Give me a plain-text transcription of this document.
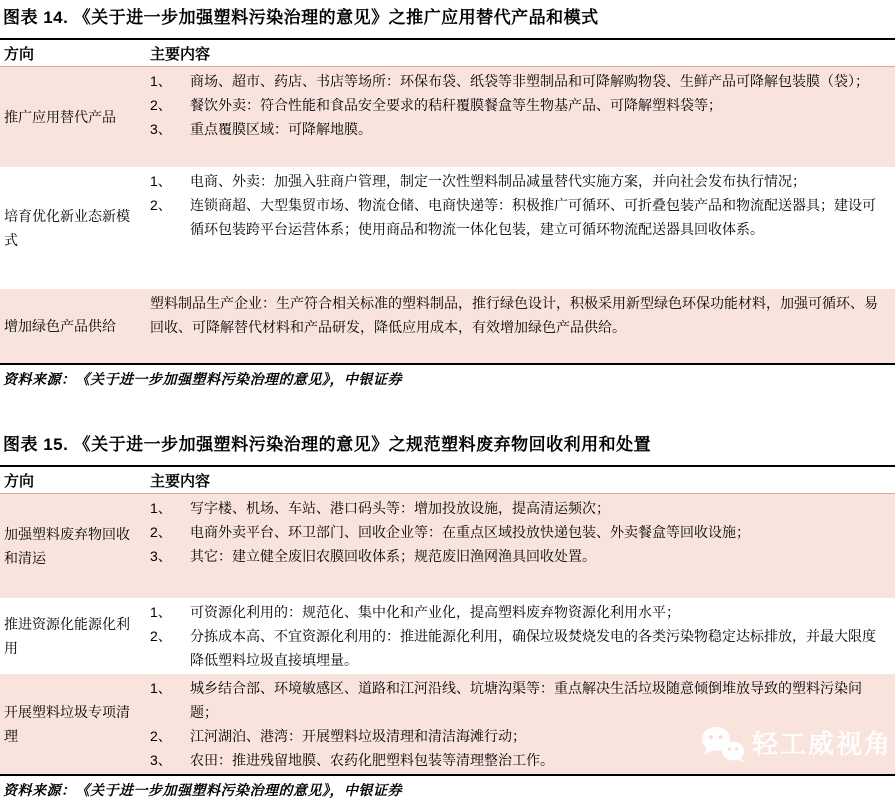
图表 14. 《关于进一步加强塑料污染治理的意见》之推广应用替代产品和模式
方向	主要内容
推广应用替代产品
1、	商场、超市、药店、书店等场所：环保布袋、纸袋等非塑制品和可降解购物袋、生鲜产品可降解包装膜（袋）；
2、	餐饮外卖：符合性能和食品安全要求的秸秆覆膜餐盒等生物基产品、可降解塑料袋等；
3、	重点覆膜区域：可降解地膜。
培育优化新业态新模式
1、	电商、外卖：加强入驻商户管理，制定一次性塑料制品减量替代实施方案，并向社会发布执行情况；
2、	连锁商超、大型集贸市场、物流仓储、电商快递等：积极推广可循环、可折叠包装产品和物流配送器具；建设可循环包装跨平台运营体系；使用商品和物流一体化包装，建立可循环物流配送器具回收体系。
增加绿色产品供给
塑料制品生产企业：生产符合相关标准的塑料制品，推行绿色设计，积极采用新型绿色环保功能材料，加强可循环、易回收、可降解替代材料和产品研发，降低应用成本，有效增加绿色产品供给。
资料来源：《关于进一步加强塑料污染治理的意见》，中银证券
图表 15. 《关于进一步加强塑料污染治理的意见》之规范塑料废弃物回收利用和处置
方向	主要内容
加强塑料废弃物回收和清运
1、	写字楼、机场、车站、港口码头等：增加投放设施，提高清运频次；
2、	电商外卖平台、环卫部门、回收企业等：在重点区域投放快递包装、外卖餐盒等回收设施；
3、	其它：建立健全废旧农膜回收体系；规范废旧渔网渔具回收处置。
推进资源化能源化利用
1、	可资源化利用的：规范化、集中化和产业化，提高塑料废弃物资源化利用水平；
2、	分拣成本高、不宜资源化利用的：推进能源化利用，确保垃圾焚烧发电的各类污染物稳定达标排放，并最大限度降低塑料垃圾直接填埋量。
开展塑料垃圾专项清理
1、	城乡结合部、环境敏感区、道路和江河沿线、坑塘沟渠等：重点解决生活垃圾随意倾倒堆放导致的塑料污染问题；
2、	江河湖泊、港湾：开展塑料垃圾清理和清洁海滩行动；
3、	农田：推进残留地膜、农药化肥塑料包装等清理整治工作。
资料来源：《关于进一步加强塑料污染治理的意见》，中银证券
轻工威视角
